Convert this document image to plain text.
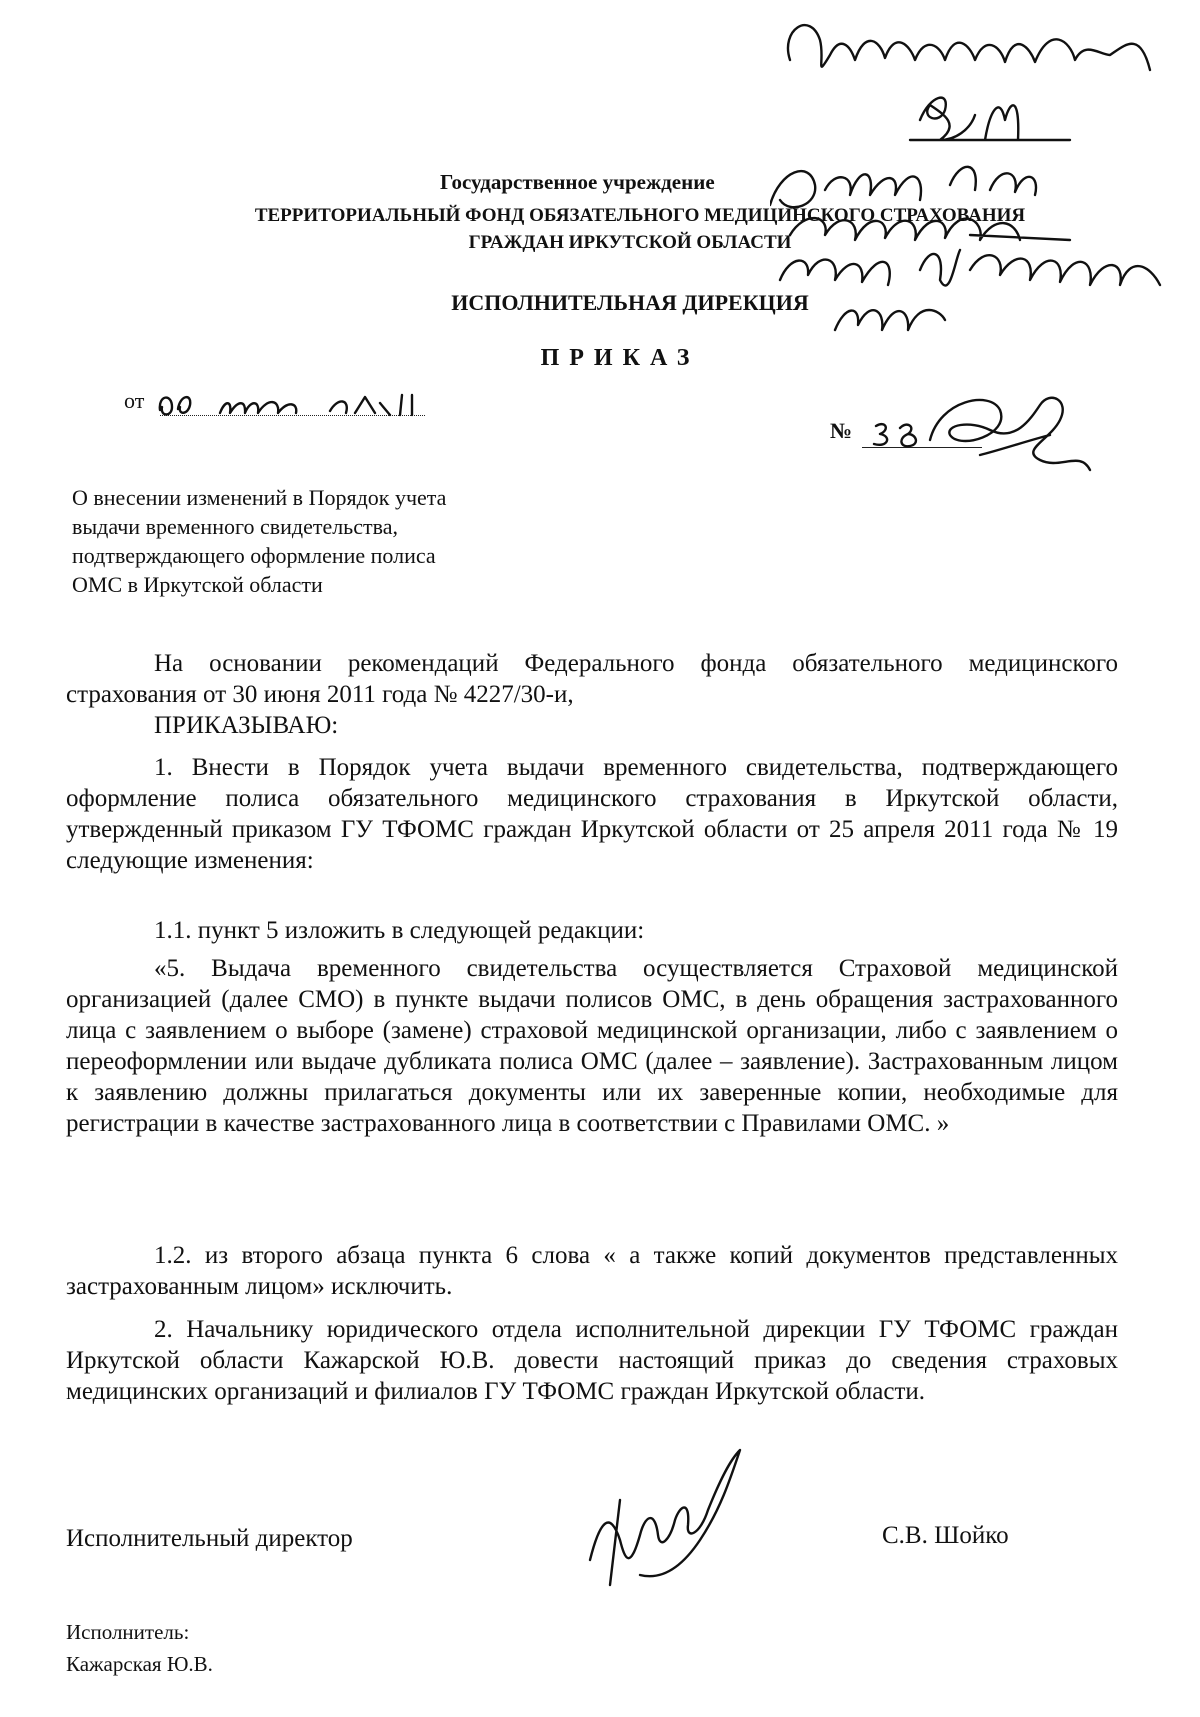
Государственное учреждение
ТЕРРИТОРИАЛЬНЫЙ ФОНД ОБЯЗАТЕЛЬНОГО МЕДИЦИНСКОГО СТРАХОВАНИЯ
ГРАЖДАН ИРКУТСКОЙ ОБЛАСТИ
ИСПОЛНИТЕЛЬНАЯ ДИРЕКЦИЯ
ПРИКАЗ
от
№
О внесении изменений в Порядок учета
выдачи временного свидетельства,
подтверждающего оформление полиса
ОМС в Иркутской области
На основании рекомендаций Федерального фонда обязательного медицинского страхования от 30 июня 2011 года № 4227/30-и,
ПРИКАЗЫВАЮ:
1. Внести в Порядок учета выдачи временного свидетельства, подтверждающего оформление полиса обязательного медицинского страхования в Иркутской области, утвержденный приказом ГУ ТФОМС граждан Иркутской области от 25 апреля 2011 года № 19 следующие изменения:
1.1. пункт 5 изложить в следующей редакции:
«5. Выдача временного свидетельства осуществляется Страховой медицинской организацией (далее СМО) в пункте выдачи полисов ОМС, в день обращения застрахованного лица с заявлением о выборе (замене) страховой медицинской организации, либо с заявлением о переоформлении или выдаче дубликата полиса ОМС (далее – заявление). Застрахованным лицом к заявлению должны прилагаться документы или их заверенные копии, необходимые для регистрации в качестве застрахованного лица в соответствии с Правилами ОМС. »
1.2. из второго абзаца пункта 6 слова « а также копий документов представленных застрахованным лицом» исключить.
2. Начальнику юридического отдела исполнительной дирекции ГУ ТФОМС граждан Иркутской области Кажарской Ю.В. довести настоящий приказ до сведения страховых медицинских организаций и филиалов ГУ ТФОМС граждан Иркутской области.
Исполнительный директор	С.В. Шойко
Исполнитель:
Кажарская Ю.В.
